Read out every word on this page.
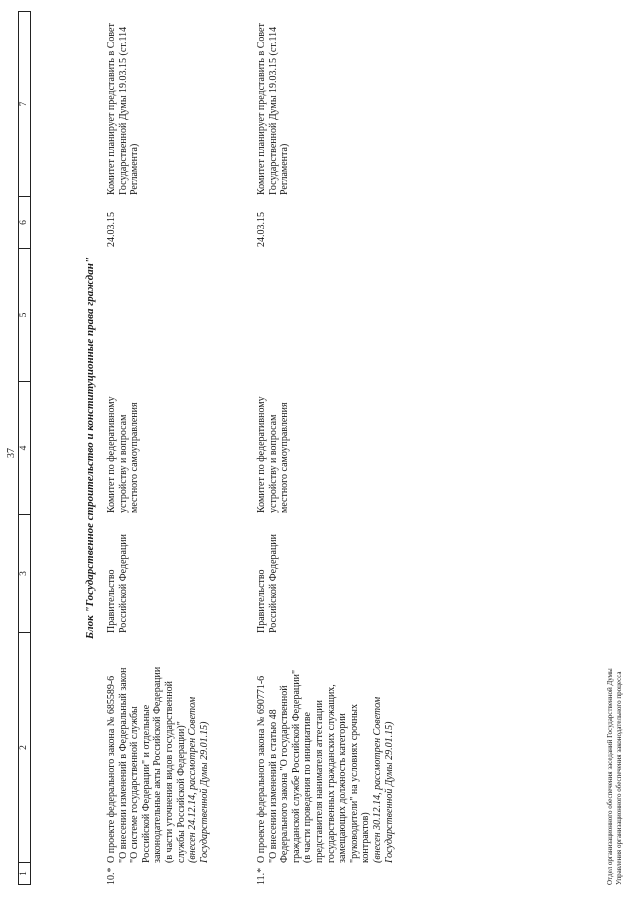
37
1
2
3
4
5
6
7
Блок "Государственное строительство и конституционные права граждан"
10.*
О проекте федерального закона № 685589-6 "О внесении изменений в Федеральный закон "О системе государственной службы Российской Федерации" и отдельные законодательные акты Российской Федерации (в части уточнения видов государственной службы Российской Федерации)" (внесен 24.12.14, рассмотрен Советом Государственной Думы 29.01.15)
Правительство Российской Федерации
Комитет по федеративному устройству и вопросам местного самоуправления
24.03.15
Комитет планирует представить в Совет Государственной Думы 19.03.15 (ст.114 Регламента)
11.*
О проекте федерального закона № 690771-6 "О внесении изменений в статью 48 Федерального закона "О государственной гражданской службе Российской Федерации" (в части проведения по инициативе представителя нанимателя аттестации государственных гражданских служащих, замещающих должность категории "руководители" на условиях срочных контрактов) (внесен 30.12.14, рассмотрен Советом Государственной Думы 29.01.15)
Правительство Российской Федерации
Комитет по федеративному устройству и вопросам местного самоуправления
24.03.15
Комитет планирует представить в Совет Государственной Думы 19.03.15 (ст.114 Регламента)
Отдел организационного обеспечения заседаний Государственной Думы Управления организационного обеспечения законодательного процесса
